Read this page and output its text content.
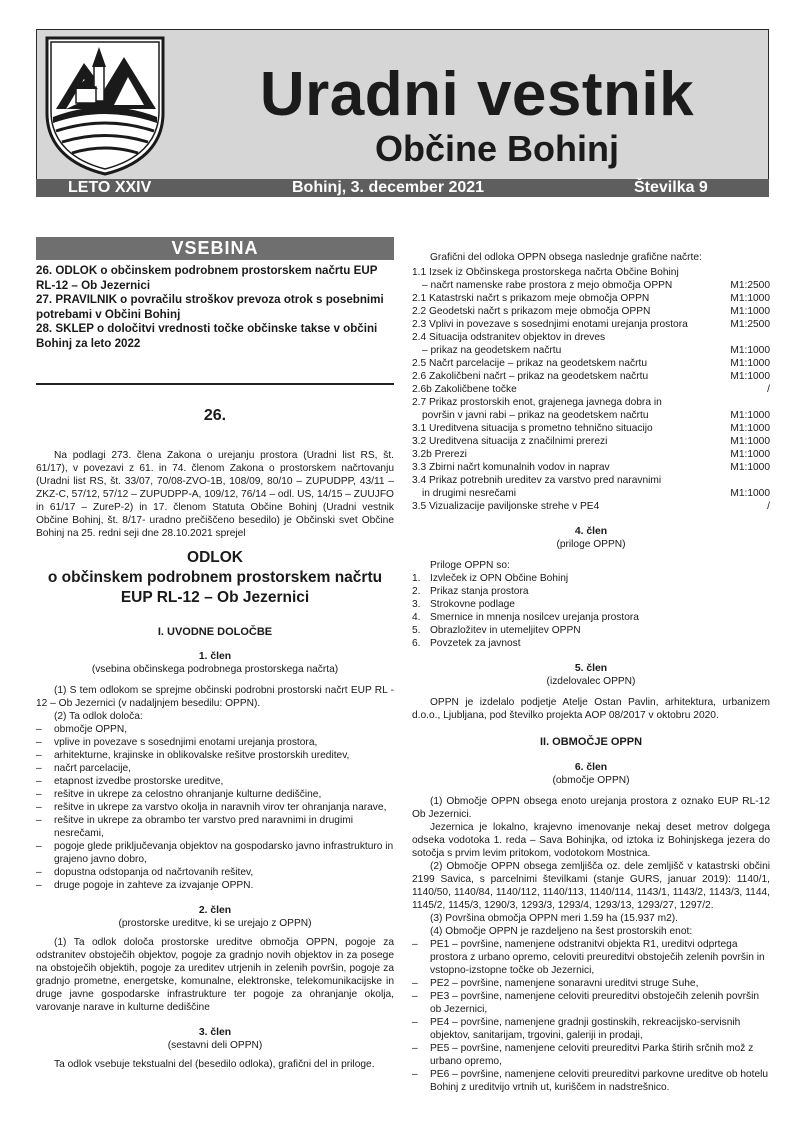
Uradni vestnik
Občine Bohinj
LETO XXIV	Bohinj, 3. december 2021	Številka 9
VSEBINA
26. ODLOK o občinskem podrobnem prostorskem načrtu EUP RL-12 – Ob Jezernici
27. PRAVILNIK o povračilu stroškov prevoza otrok s posebnimi potrebami v Občini Bohinj
28. SKLEP o določitvi vrednosti točke občinske takse v občini Bohinj za leto 2022
26.
Na podlagi 273. člena Zakona o urejanju prostora (Uradni list RS, št. 61/17), v povezavi z 61. in 74. členom Zakona o prostorskem načrtovanju (Uradni list RS, št. 33/07, 70/08-ZVO-1B, 108/09, 80/10 – ZUPUDPP, 43/11 – ZKZ-C, 57/12, 57/12 – ZUPUDPP-A, 109/12, 76/14 – odl. US, 14/15 – ZUUJFO in 61/17 – ZureP-2) in 17. členom Statuta Občine Bohinj (Uradni vestnik Občine Bohinj, št. 8/17- uradno prečiščeno besedilo) je Občinski svet Občine Bohinj na 25. redni seji dne 28.10.2021 sprejel
ODLOK
o občinskem podrobnem prostorskem načrtu
EUP RL-12 – Ob Jezernici
I. UVODNE DOLOČBE
1. člen
(vsebina občinskega podrobnega prostorskega načrta)
(1) S tem odlokom se sprejme občinski podrobni prostorski načrt EUP RL - 12 – Ob Jezernici (v nadaljnjem besedilu: OPPN).
(2) Ta odlok določa:
– območje OPPN,
– vplive in povezave s sosednjimi enotami urejanja prostora,
– arhitekturne, krajinske in oblikovalske rešitve prostorskih ureditev,
– načrt parcelacije,
– etapnost izvedbe prostorske ureditve,
– rešitve in ukrepe za celostno ohranjanje kulturne dediščine,
– rešitve in ukrepe za varstvo okolja in naravnih virov ter ohranjanja narave,
– rešitve in ukrepe za obrambo ter varstvo pred naravnimi in drugimi nesrečami,
– pogoje glede priključevanja objektov na gospodarsko javno infrastrukturo in grajeno javno dobro,
– dopustna odstopanja od načrtovanih rešitev,
– druge pogoje in zahteve za izvajanje OPPN.
2. člen
(prostorske ureditve, ki se urejajo z OPPN)
(1) Ta odlok določa prostorske ureditve območja OPPN, pogoje za odstranitev obstoječih objektov, pogoje za gradnjo novih objektov in za posege na obstoječih objektih, pogoje za ureditev utrjenih in zelenih površin, pogoje za gradnjo prometne, energetske, komunalne, elektronske, telekomunikacijske in druge javne gospodarske infrastrukture ter pogoje za ohranjanje okolja, varovanje narave in kulturne dediščine
3. člen
(sestavni deli OPPN)
Ta odlok vsebuje tekstualni del (besedilo odloka), grafični del in priloge.
Grafični del odloka OPPN obsega naslednje grafične načrte:
1.1 Izsek iz Občinskega prostorskega načrta Občine Bohinj
– načrt namenske rabe prostora z mejo območja OPPN	M1:2500
2.1 Katastrski načrt s prikazom meje območja OPPN	M1:1000
2.2 Geodetski načrt s prikazom meje območja OPPN	M1:1000
2.3 Vplivi in povezave s sosednjimi enotami urejanja prostora	M1:2500
2.4 Situacija odstranitev objektov in dreves
– prikaz na geodetskem načrtu	M1:1000
2.5 Načrt parcelacije – prikaz na geodetskem načrtu	M1:1000
2.6 Zakoličbeni načrt – prikaz na geodetskem načrtu	M1:1000
2.6b Zakoličbene točke	/
2.7 Prikaz prostorskih enot, grajenega javnega dobra in
površin v javni rabi – prikaz na geodetskem načrtu	M1:1000
3.1 Ureditvena situacija s prometno tehnično situacijo	M1:1000
3.2 Ureditvena situacija z značilnimi prerezi	M1:1000
3.2b Prerezi	M1:1000
3.3 Zbirni načrt komunalnih vodov in naprav	M1:1000
3.4 Prikaz potrebnih ureditev za varstvo pred naravnimi
in drugimi nesrečami	M1:1000
3.5 Vizualizacije paviljonske strehe v PE4	/
4. člen
(priloge OPPN)
Priloge OPPN so:
1. Izvleček iz OPN Občine Bohinj
2. Prikaz stanja prostora
3. Strokovne podlage
4. Smernice in mnenja nosilcev urejanja prostora
5. Obrazložitev in utemeljitev OPPN
6. Povzetek za javnost
5. člen
(izdelovalec OPPN)
OPPN je izdelalo podjetje Atelje Ostan Pavlin, arhitektura, urbanizem d.o.o., Ljubljana, pod številko projekta AOP 08/2017 v oktobru 2020.
II. OBMOČJE OPPN
6. člen
(območje OPPN)
(1) Območje OPPN obsega enoto urejanja prostora z oznako EUP RL-12 Ob Jezernici.
Jezernica je lokalno, krajevno imenovanje nekaj deset metrov dolgega odseka vodotoka 1. reda – Sava Bohinjka, od iztoka iz Bohinjskega jezera do sotočja s prvim levim pritokom, vodotokom Mostnica.
(2) Območje OPPN obsega zemljišča oz. dele zemljišč v katastrski občini 2199 Savica, s parcelnimi številkami (stanje GURS, januar 2019): 1140/1, 1140/50, 1140/84, 1140/112, 1140/113, 1140/114, 1143/1, 1143/2, 1143/3, 1144, 1145/2, 1145/3, 1290/3, 1293/3, 1293/4, 1293/13, 1293/27, 1297/2.
(3) Površina območja OPPN meri 1.59 ha (15.937 m2).
(4) Območje OPPN je razdeljeno na šest prostorskih enot:
– PE1 – površine, namenjene odstranitvi objekta R1, ureditvi odprtega prostora z urbano opremo, celoviti preureditvi obstoječih zelenih površin in vstopno-izstopne točke ob Jezernici,
– PE2 – površine, namenjene sonaravni ureditvi struge Suhe,
– PE3 – površine, namenjene celoviti preureditvi obstoječih zelenih površin ob Jezernici,
– PE4 – površine, namenjene gradnji gostinskih, rekreacijsko-servisnih objektov, sanitarijam, trgovini, galeriji in prodaji,
– PE5 – površine, namenjene celoviti preureditvi Parka štirih srčnih mož z urbano opremo,
– PE6 – površine, namenjene celoviti preureditvi parkovne ureditve ob hotelu Bohinj z ureditvijo vrtnih ut, kuriščem in nadstrešnico.
